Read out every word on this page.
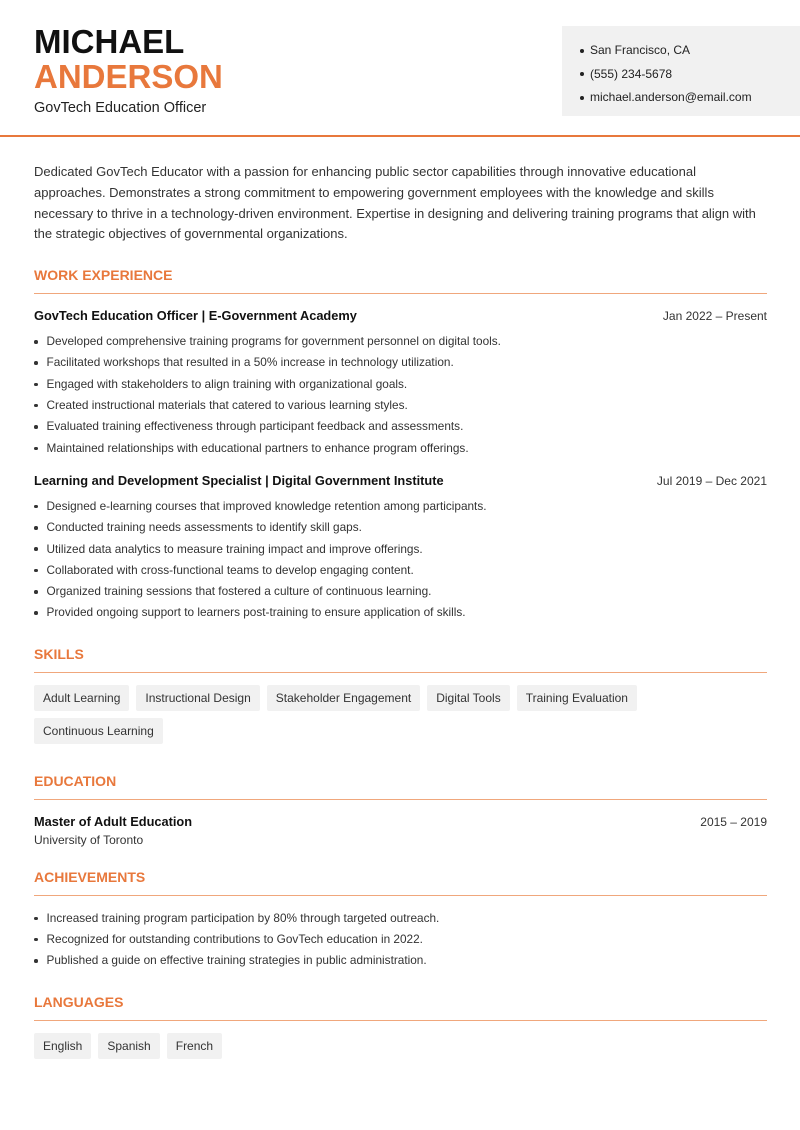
MICHAEL
ANDERSON
GovTech Education Officer
San Francisco, CA
(555) 234-5678
michael.anderson@email.com
Dedicated GovTech Educator with a passion for enhancing public sector capabilities through innovative educational approaches. Demonstrates a strong commitment to empowering government employees with the knowledge and skills necessary to thrive in a technology-driven environment. Expertise in designing and delivering training programs that align with the strategic objectives of governmental organizations.
WORK EXPERIENCE
GovTech Education Officer | E-Government Academy	Jan 2022 – Present
Developed comprehensive training programs for government personnel on digital tools.
Facilitated workshops that resulted in a 50% increase in technology utilization.
Engaged with stakeholders to align training with organizational goals.
Created instructional materials that catered to various learning styles.
Evaluated training effectiveness through participant feedback and assessments.
Maintained relationships with educational partners to enhance program offerings.
Learning and Development Specialist | Digital Government Institute	Jul 2019 – Dec 2021
Designed e-learning courses that improved knowledge retention among participants.
Conducted training needs assessments to identify skill gaps.
Utilized data analytics to measure training impact and improve offerings.
Collaborated with cross-functional teams to develop engaging content.
Organized training sessions that fostered a culture of continuous learning.
Provided ongoing support to learners post-training to ensure application of skills.
SKILLS
Adult Learning	Instructional Design	Stakeholder Engagement	Digital Tools	Training Evaluation
Continuous Learning
EDUCATION
Master of Adult Education	2015 – 2019
University of Toronto
ACHIEVEMENTS
Increased training program participation by 80% through targeted outreach.
Recognized for outstanding contributions to GovTech education in 2022.
Published a guide on effective training strategies in public administration.
LANGUAGES
English	Spanish	French
